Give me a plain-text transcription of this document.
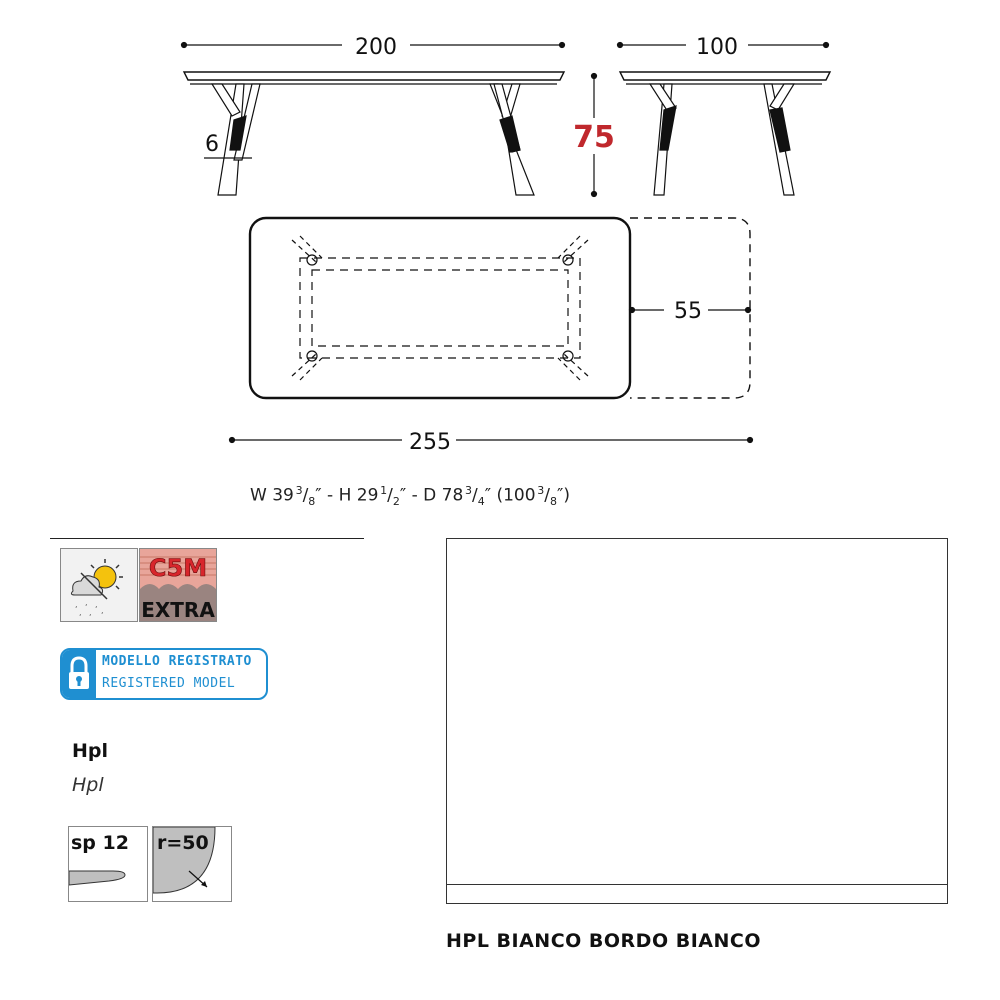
200	100
75
6
55
255
W 39  $^3/_8''$ - H 29  $^1/_2''$ - D 78  $^3/_4''$ (100  $^3/_8''$)
, , ,
, , ,
C5M
EXTRA
MODELLO REGISTRATO
REGISTERED MODEL
Hpl
Hpl
sp 12 r=50
HPL BIANCO BORDO BIANCO
